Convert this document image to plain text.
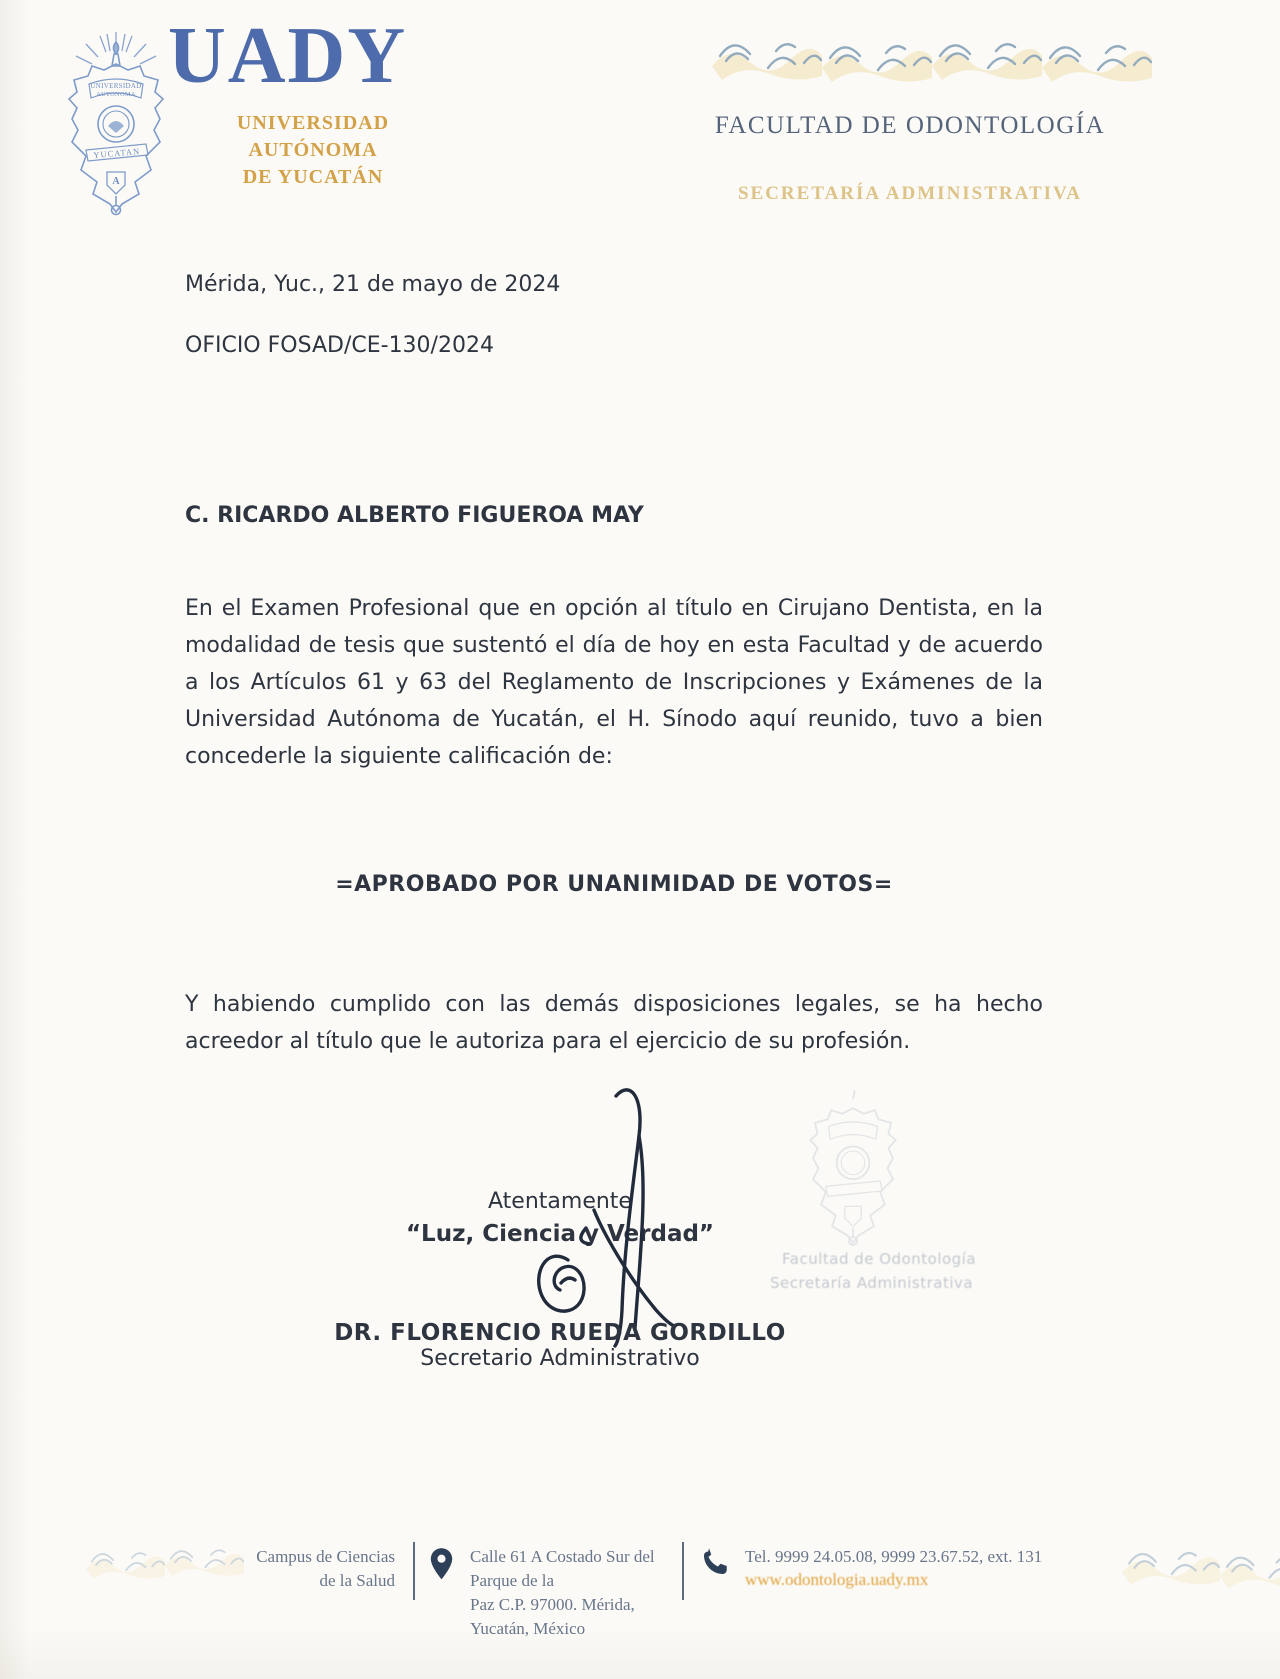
UNIVERSIDAD
AUTONOMA
YUCATAN
A
UADY
UNIVERSIDAD
AUTÓNOMA
DE YUCATÁN
FACULTAD DE ODONTOLOGÍA
SECRETARÍA ADMINISTRATIVA
Mérida, Yuc., 21 de mayo de 2024
OFICIO FOSAD/CE-130/2024
C. RICARDO ALBERTO FIGUEROA MAY
En el Examen Profesional que en opción al título en Cirujano Dentista, en la modalidad de tesis que sustentó el día de hoy en esta Facultad y de acuerdo a los Artículos 61 y 63 del Reglamento de Inscripciones y Exámenes de la Universidad Autónoma de Yucatán, el H. Sínodo aquí reunido, tuvo a bien concederle la siguiente calificación de:
=APROBADO POR UNANIMIDAD DE VOTOS=
Y habiendo cumplido con las demás disposiciones legales, se ha hecho acreedor al título que le autoriza para el ejercicio de su profesión.
Atentamente
“Luz, Ciencia y Verdad”
Facultad de Odontología
Secretaría Administrativa
DR. FLORENCIO RUEDA GORDILLO
Secretario Administrativo
Campus de Ciencias
de la Salud
Calle 61 A Costado Sur del Parque de la
Paz C.P. 97000. Mérida, Yucatán, México
Tel. 9999 24.05.08, 9999 23.67.52, ext. 131
www.odontologia.uady.mx
